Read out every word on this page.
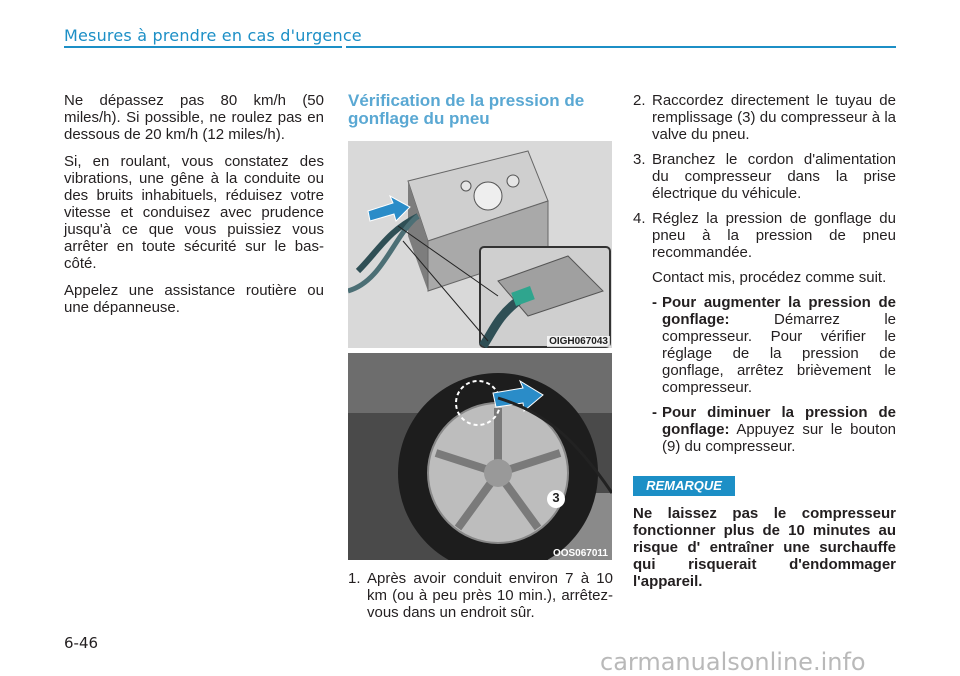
Mesures à prendre en cas d'urgence

Ne dépassez pas 80 km/h (50 miles/h). Si possible, ne roulez pas en dessous de 20 km/h (12 miles/h).

Si, en roulant, vous constatez des vibrations, une gêne à la conduite ou des bruits inhabituels, réduisez votre vitesse et conduisez avec prudence jusqu'à ce que vous puissiez vous arrêter en toute sécurité sur le bas-côté.

Appelez une assistance routière ou une dépanneuse.

Vérification de la pression de gonflage du pneu
OIGH067043
3
OOS067011
1. Après avoir conduit environ 7 à 10 km (ou à peu près 10 min.), arrêtez-vous dans un endroit sûr.
2. Raccordez directement le tuyau de remplissage (3) du compresseur à la valve du pneu.
3. Branchez le cordon d'alimentation du compresseur dans la prise électrique du véhicule.
4. Réglez la pression de gonflage du pneu à la pression de pneu recommandée.
Contact mis, procédez comme suit.
- Pour augmenter la pression de gonflage: Démarrez le compresseur. Pour vérifier le réglage de la pression de gonflage, arrêtez brièvement le compresseur.
- Pour diminuer la pression de gonflage: Appuyez sur le bouton (9) du compresseur.
REMARQUE
Ne laissez pas le compresseur fonctionner plus de 10 minutes au risque d' entraîner une surchauffe qui risquerait d'endommager l'appareil.
6-46
carmanualsonline.info
